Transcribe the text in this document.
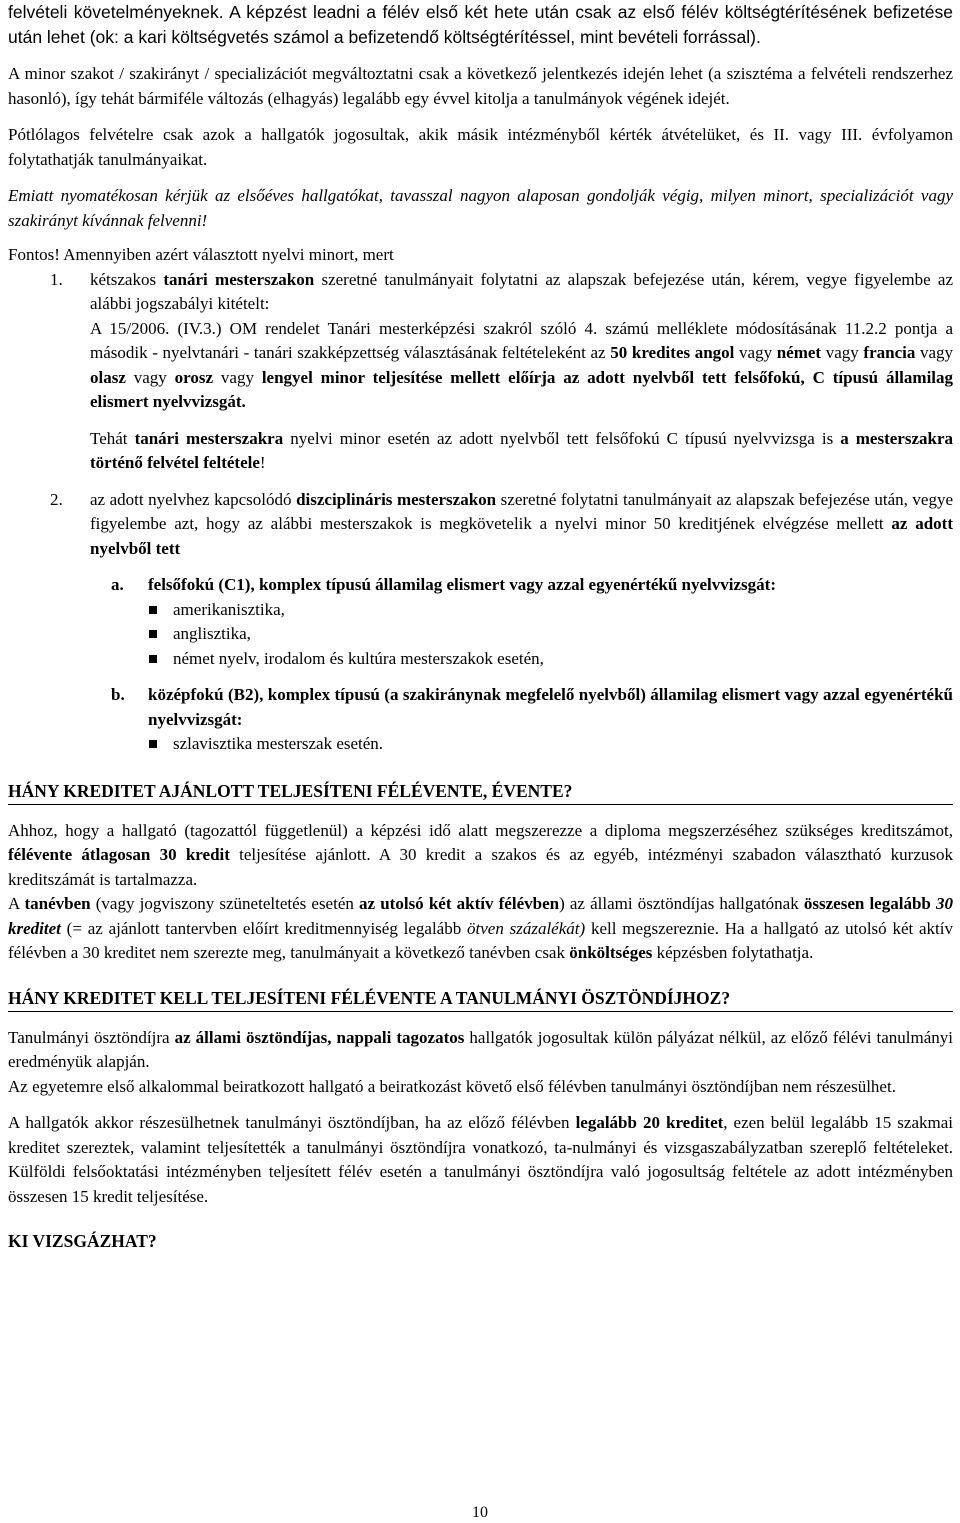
felvételi követelményeknek. A képzést leadni a félév első két hete után csak az első félév költségtérítésének befizetése után lehet (ok: a kari költségvetés számol a befizetendő költségtérítéssel, mint bevételi forrással).

A minor szakot / szakirányt / specializációt megváltoztatni csak a következő jelentkezés idején lehet (a szisztéma a felvételi rendszerhez hasonló), így tehát bármiféle változás (elhagyás) legalább egy évvel kitolja a tanulmányok végének idejét.

Pótlólagos felvételre csak azok a hallgatók jogosultak, akik másik intézményből kérték átvételüket, és II. vagy III. évfolyamon folytathatják tanulmányaikat.

Emiatt nyomatékosan kérjük az elsőéves hallgatókat, tavasszal nagyon alaposan gondolják végig, milyen minort, specializációt vagy szakirányt kívánnak felvenni!

Fontos! Amennyiben azért választott nyelvi minort, mert

1. kétszakos tanári mesterszakon szeretné tanulmányait folytatni az alapszak befejezése után, kérem, vegye figyelembe az alábbi jogszabályi kitételt:

A 15/2006. (IV.3.) OM rendelet Tanári mesterképzési szakról szóló 4. számú melléklete módosításának 11.2.2 pontja a második - nyelvtanári - tanári szakképzettség választásának feltételeként az 50 kredites angol vagy német vagy francia vagy olasz vagy orosz vagy lengyel minor teljesítése mellett előírja az adott nyelvből tett felsőfokú, C típusú államilag elismert nyelvvizsgát.

Tehát tanári mesterszakra nyelvi minor esetén az adott nyelvből tett felsőfokú C típusú nyelvvizsga is a mesterszakra történő felvétel feltétele!

2. az adott nyelvhez kapcsolódó diszciplináris mesterszakon szeretné folytatni tanulmányait az alapszak befejezése után, vegye figyelembe azt, hogy az alábbi mesterszakok is megkövetelik a nyelvi minor 50 kreditjének elvégzése mellett az adott nyelvből tett

a. felsőfokú (C1), komplex típusú államilag elismert vagy azzal egyenértékű nyelvvizsgát:

amerikanisztika,
anglisztika,
német nyelv, irodalom és kultúra mesterszakok esetén,
b. középfokú (B2), komplex típusú (a szakiránynak megfelelő nyelvből) államilag elismert vagy azzal egyenértékű nyelvvizsgát:

szlavisztika mesterszak esetén.
HÁNY KREDITET AJÁNLOTT TELJESÍTENI FÉLÉVENTE, ÉVENTE?

Ahhoz, hogy a hallgató (tagozattól függetlenül) a képzési idő alatt megszerezze a diploma megszerzéséhez szükséges kreditszámot, félévente átlagosan 30 kredit teljesítése ajánlott. A 30 kredit a szakos és az egyéb, intézményi szabadon választható kurzusok kreditszámát is tartalmazza.

A tanévben (vagy jogviszony szüneteltetés esetén az utolsó két aktív félévben) az állami ösztöndíjas hallgatónak összesen legalább 30 kreditet (= az ajánlott tantervben előírt kreditmennyiség legalább ötven százalékát) kell megszereznie. Ha a hallgató az utolsó két aktív félévben a 30 kreditet nem szerezte meg, tanulmányait a következő tanévben csak önköltséges képzésben folytathatja.

HÁNY KREDITET KELL TELJESÍTENI FÉLÉVENTE A TANULMÁNYI ÖSZTÖNDÍJHOZ?

Tanulmányi ösztöndíjra az állami ösztöndíjas, nappali tagozatos hallgatók jogosultak külön pályázat nélkül, az előző félévi tanulmányi eredményük alapján.

Az egyetemre első alkalommal beiratkozott hallgató a beiratkozást követő első félévben tanulmányi ösztöndíjban nem részesülhet.

A hallgatók akkor részesülhetnek tanulmányi ösztöndíjban, ha az előző félévben legalább 20 kreditet, ezen belül legalább 15 szakmai kreditet szereztek, valamint teljesítették a tanulmányi ösztöndíjra vonatkozó, ta-nulmányi és vizsgaszabályzatban szereplő feltételeket. Külföldi felsőoktatási intézményben teljesített félév esetén a tanulmányi ösztöndíjra való jogosultság feltétele az adott intézményben összesen 15 kredit teljesítése.

KI VIZSGÁZHAT?
10
